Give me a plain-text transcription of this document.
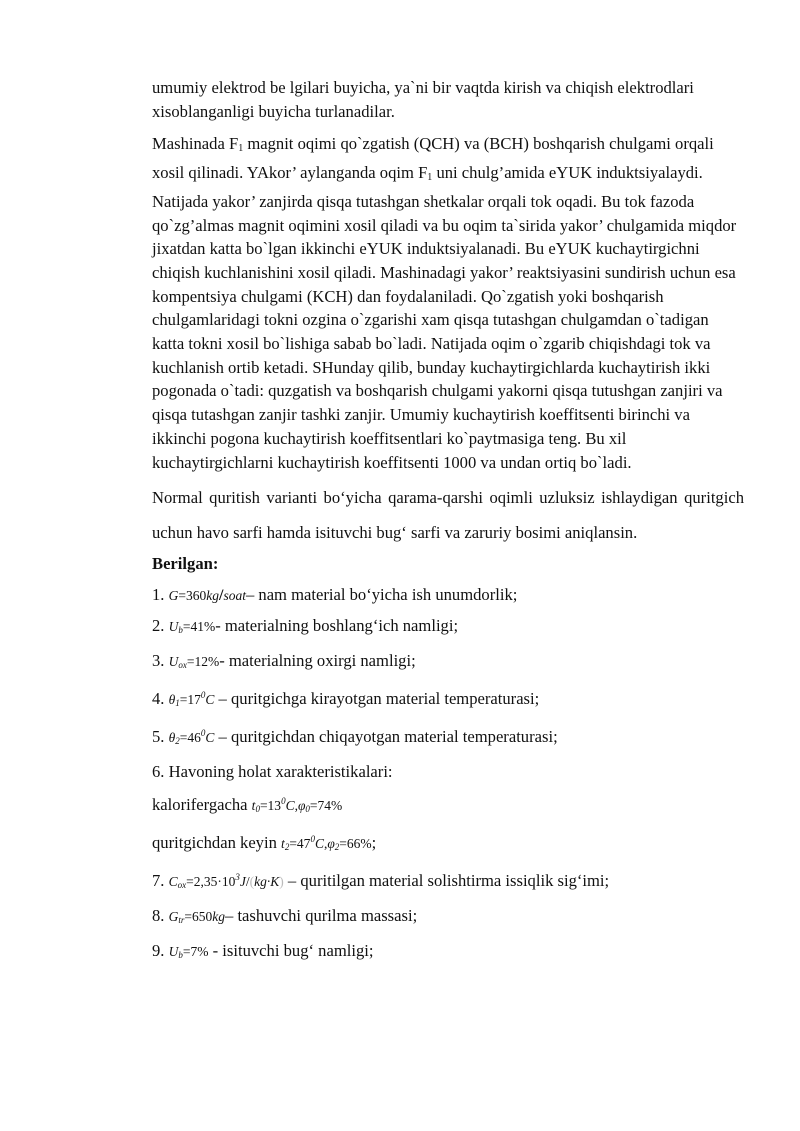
umumiy elektrod be lgilari buyicha, ya`ni bir vaqtda kirish va chiqish elektrodlari xisoblanganligi buyicha turlanadilar.

Mashinada F1 magnit oqimi qo`zgatish (QCH) va (BCH) boshqarish chulgami orqali xosil qilinadi. YAkor’ aylanganda oqim F1 uni chulg’amida eYUK induktsiyalaydi. Natijada yakor’ zanjirda qisqa tutashgan shetkalar orqali tok oqadi. Bu tok fazoda qo`zg’almas magnit oqimini xosil qiladi va bu oqim ta`sirida yakor’ chulgamida miqdor jixatdan katta bo`lgan ikkinchi eYUK induktsiyalanadi. Bu eYUK kuchaytirgichni chiqish kuchlanishini xosil qiladi. Mashinadagi yakor’ reaktsiyasini sundirish uchun esa kompentsiya chulgami (KCH) dan foydalaniladi. Qo`zgatish yoki boshqarish chulgamlaridagi tokni ozgina o`zgarishi xam qisqa tutashgan chulgamdan o`tadigan katta tokni xosil bo`lishiga sabab bo`ladi. Natijada oqim o`zgarib chiqishdagi tok va kuchlanish ortib ketadi. SHunday qilib, bunday kuchaytirgichlarda kuchaytirish ikki pogonada o`tadi: quzgatish va boshqarish chulgami yakorni qisqa tutushgan zanjiri va qisqa tutashgan zanjir tashki zanjir. Umumiy kuchaytirish koeffitsenti birinchi va ikkinchi pogona kuchaytirish koeffitsentlari ko`paytmasiga teng. Bu xil kuchaytirgichlarni kuchaytirish koeffitsenti 1000 va undan ortiq bo`ladi.

Normal quritish varianti bo‘yicha qarama-qarshi oqimli uzluksiz ishlaydigan quritgich uchun havo sarfi hamda isituvchi bug‘ sarfi va zaruriy bosimi aniqlansin.

Berilgan:

1. G=360kg/soat– nam material bo‘yicha ish unumdorlik;

2. $U_b=41\%-$ materialning boshlang‘ich namligi;

3. $U_{ox}=12\%-$ materialning oxirgi namligi;

4. $\theta_1=17^0C$ – quritgichga kirayotgan material temperaturasi;

5. $\theta_2=46^0C$ – quritgichdan chiqayotgan material temperaturasi;

6. Havoning holat xarakteristikalari:

kalorifergacha $t_0=13^0C,\varphi_0=74\%$

quritgichdan keyin $t_2=47^0C,\varphi_2=66\%$;

7. $C_{ox}=2,35\cdot 10^3J/(kg\cdot K)$ – quritilgan material solishtirma issiqlik sig‘imi;

8. $G_{tr}=650kg-$ tashuvchi qurilma massasi;

9. $U_b=7\%$ - isituvchi bug‘ namligi;
